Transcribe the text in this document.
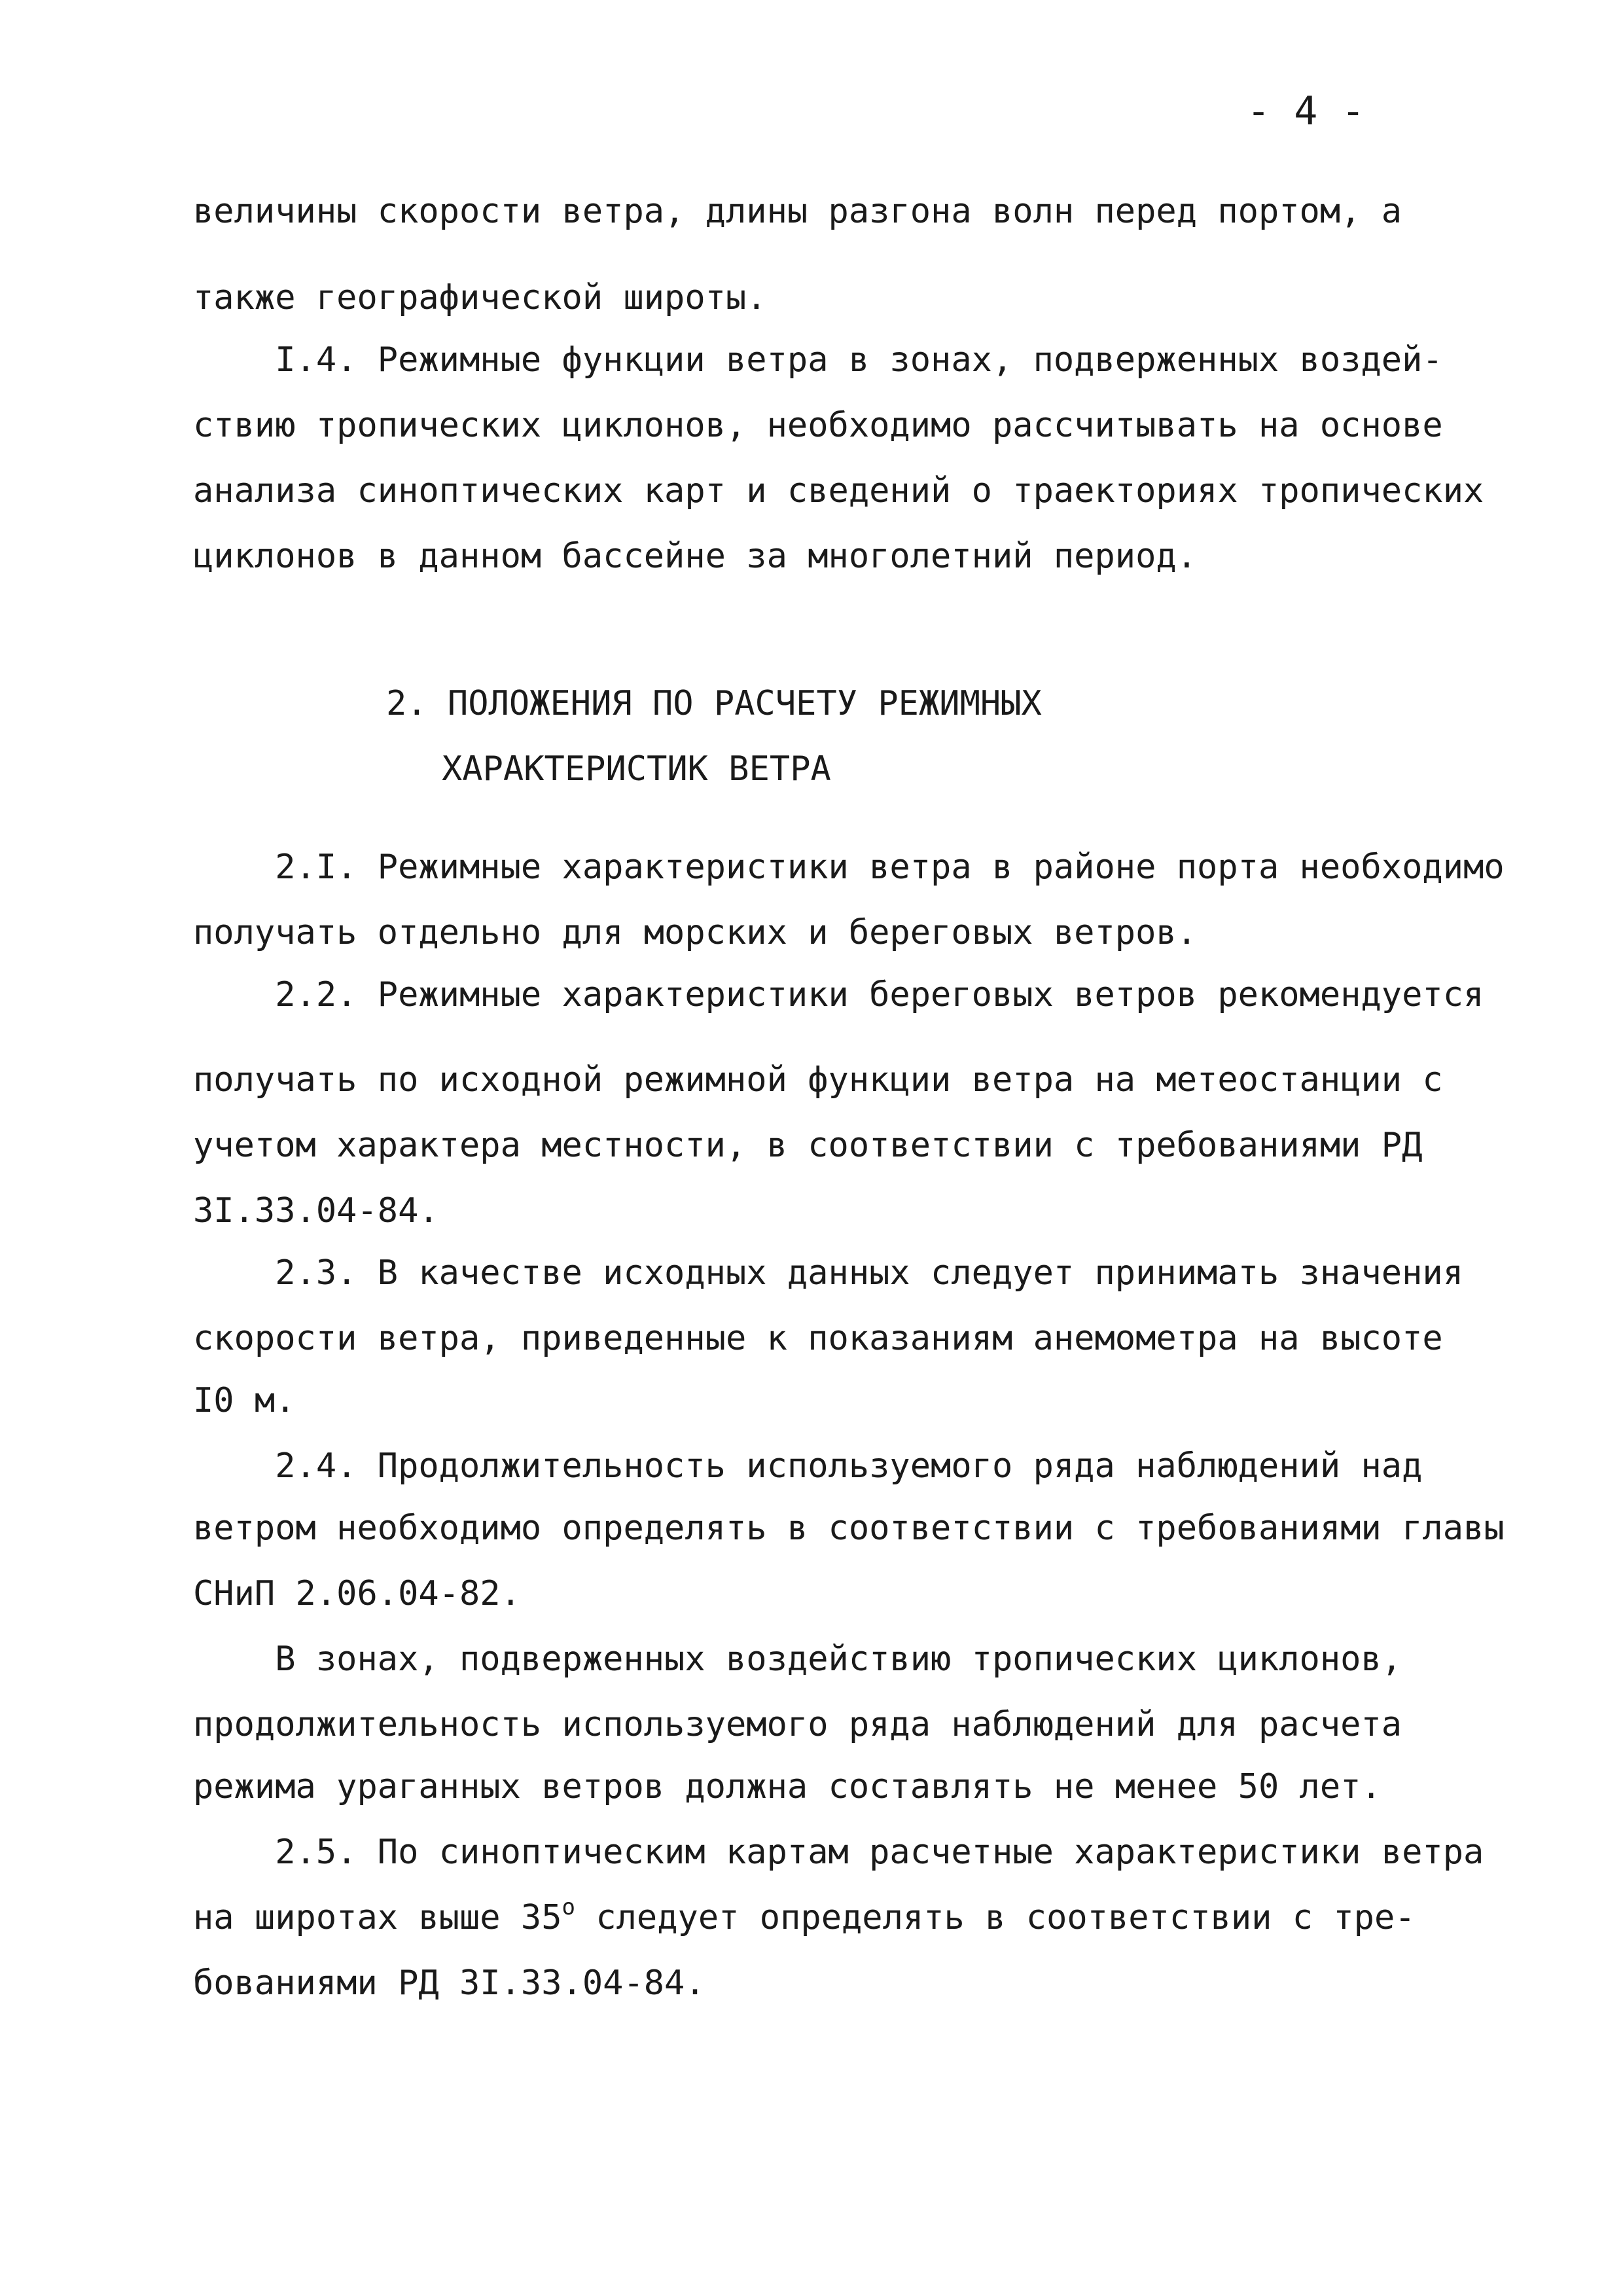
- 4 -
величины скорости ветра, длины разгона волн перед портом, а
также географической широты.
I.4. Режимные функции ветра в зонах, подверженных воздей-
ствию тропических циклонов, необходимо рассчитывать на основе
анализа синоптических карт и сведений о траекториях тропических
циклонов в данном бассейне за многолетний период.
2. ПОЛОЖЕНИЯ ПО РАСЧЕТУ РЕЖИМНЫХ
ХАРАКТЕРИСТИК ВЕТРА
2.I. Режимные характеристики ветра в районе порта необходимо
получать отдельно для морских и береговых ветров.
2.2. Режимные характеристики береговых ветров рекомендуется
получать по исходной режимной функции ветра на метеостанции с
учетом характера местности, в соответствии с требованиями РД
3I.33.04-84.
2.3. В качестве исходных данных следует принимать значения
скорости ветра, приведенные к показаниям анемометра на высоте
I0 м.
2.4. Продолжительность используемого ряда наблюдений над
ветром необходимо определять в соответствии с требованиями главы
СНиП 2.06.04-82.
В зонах, подверженных воздействию тропических циклонов,
продолжительность используемого ряда наблюдений для расчета
режима ураганных ветров должна составлять не менее 50 лет.
2.5. По синоптическим картам расчетные характеристики ветра
на широтах выше 35$^o$ следует определять в соответствии с тре-
бованиями РД 3I.33.04-84.
